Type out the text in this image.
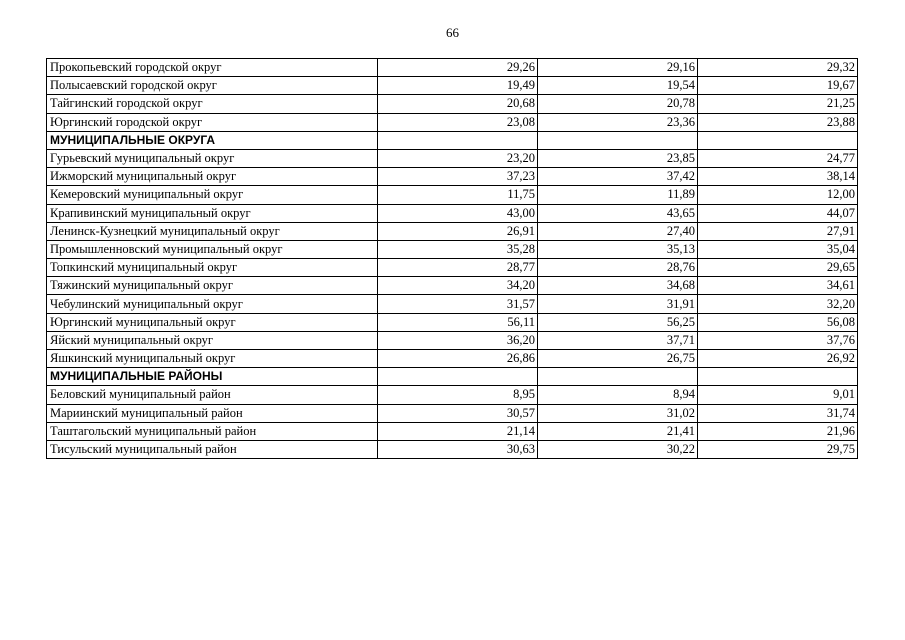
66
Прокопьевский городской округ	29,26	29,16	29,32
Полысаевский городской округ	19,49	19,54	19,67
Тайгинский городской округ	20,68	20,78	21,25
Юргинский городской округ	23,08	23,36	23,88
МУНИЦИПАЛЬНЫЕ ОКРУГА			
Гурьевский муниципальный округ	23,20	23,85	24,77
Ижморский муниципальный округ	37,23	37,42	38,14
Кемеровский муниципальный округ	11,75	11,89	12,00
Крапивинский муниципальный округ	43,00	43,65	44,07
Ленинск-Кузнецкий муниципальный округ	26,91	27,40	27,91
Промышленновский муниципальный округ	35,28	35,13	35,04
Топкинский муниципальный округ	28,77	28,76	29,65
Тяжинский муниципальный округ	34,20	34,68	34,61
Чебулинский муниципальный округ	31,57	31,91	32,20
Юргинский муниципальный округ	56,11	56,25	56,08
Яйский муниципальный округ	36,20	37,71	37,76
Яшкинский муниципальный округ	26,86	26,75	26,92
МУНИЦИПАЛЬНЫЕ РАЙОНЫ			
Беловский муниципальный район	8,95	8,94	9,01
Мариинский муниципальный район	30,57	31,02	31,74
Таштагольский муниципальный район	21,14	21,41	21,96
Тисульский муниципальный район	30,63	30,22	29,75
